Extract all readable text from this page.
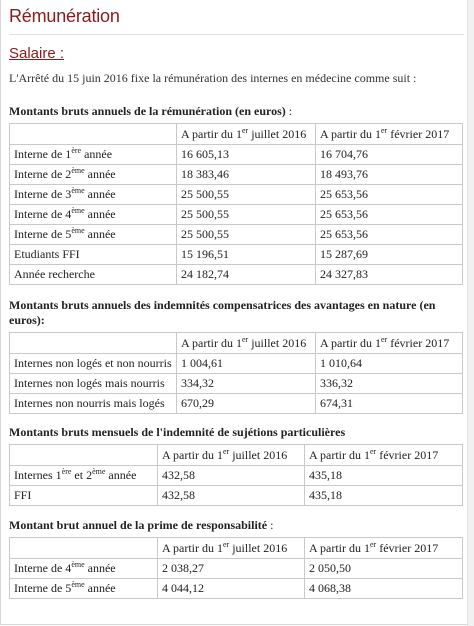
Rémunération
Salaire :
L'Arrêté du 15 juin 2016 fixe la rémunération des internes en médecine comme suit :

Montants bruts annuels de la rémunération (en euros) :

	A partir du 1er juillet 2016	A partir du 1er février 2017
Interne de 1ère année	16 605,13	16 704,76
Interne de 2ème année	18 383,46	18 493,76
Interne de 3ème année	25 500,55	25 653,56
Interne de 4ème année	25 500,55	25 653,56
Interne de 5ème année	25 500,55	25 653,56
Etudiants FFI	15 196,51	15 287,69
Année recherche	24 182,74	24 327,83

Montants bruts annuels des indemnités compensatrices des avantages en nature (en euros):

	A partir du 1er juillet 2016	A partir du 1er février 2017
Internes non logés et non nourris	1 004,61	1 010,64
Internes non logés mais nourris	334,32	336,32
Internes non nourris mais logés	670,29	674,31

Montants bruts mensuels de l'indemnité de sujétions particulières

	A partir du 1er juillet 2016	A partir du 1er février 2017
Internes 1ère et 2ème année	432,58	435,18
FFI	432,58	435,18

Montant brut annuel de la prime de responsabilité :

	A partir du 1er juillet 2016	A partir du 1er février 2017
Interne de 4ème année	2 038,27	2 050,50
Interne de 5ème année	4 044,12	4 068,38
